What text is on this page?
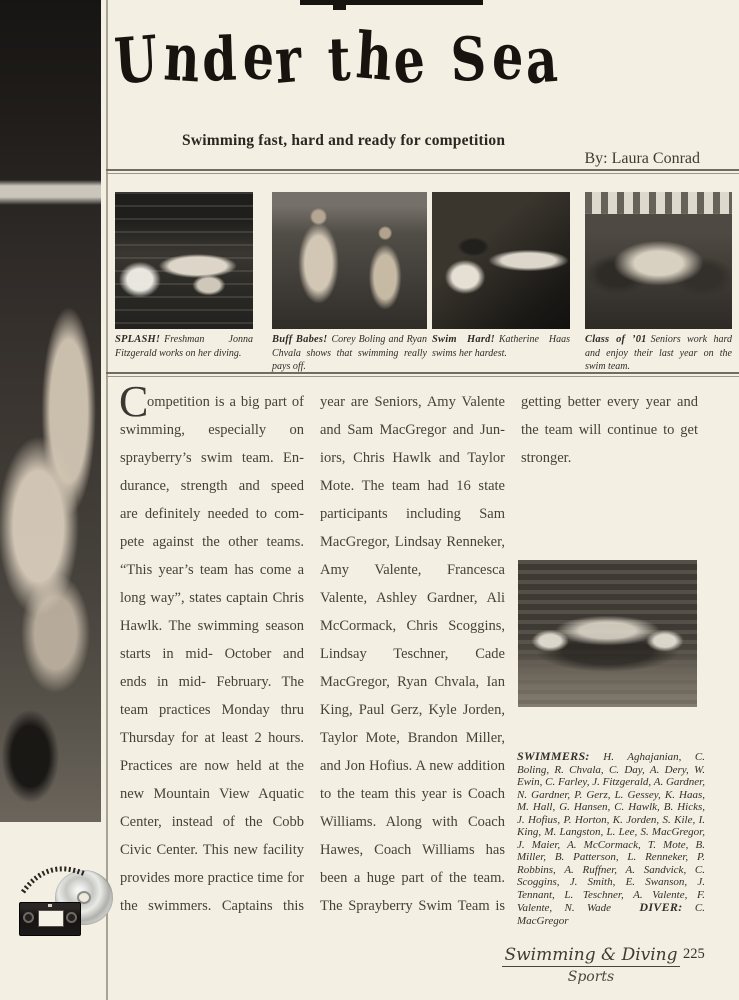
Under the Sea
Swimming fast, hard and ready for competition
By: Laura Conrad
SPLASH! Freshman Jonna Fitzgerald works on her diving.
Buff Babes! Corey Boling and Ryan Chvala shows that swimming really pays off.
Swim Hard! Katherine Haas swims her hardest.
Class of ’01 Seniors work hard and enjoy their last year on the swim team.
C
ompetition is a big part of
swimming, especially on
sprayberry’s swim team. En-
durance, strength and speed
are definitely needed to com-
pete against the other teams.
“This year’s team has come a
long way”, states captain Chris
Hawlk. The swimming season
starts in mid- October and
ends in mid- February. The
team practices Monday thru
Thursday for at least 2 hours.
Practices are now held at the
new Mountain View Aquatic
Center, instead of the Cobb
Civic Center. This new facility
provides more practice time for
the swimmers. Captains this
year are Seniors, Amy Valente
and Sam MacGregor and Jun-
iors, Chris Hawlk and Taylor
Mote. The team had 16 state
participants including Sam
MacGregor, Lindsay Renneker,
Amy Valente, Francesca
Valente, Ashley Gardner, Ali
McCormack, Chris Scoggins,
Lindsay Teschner, Cade
MacGregor, Ryan Chvala, Ian
King, Paul Gerz, Kyle Jorden,
Taylor Mote, Brandon Miller,
and Jon Hofius. A new addition
to the team this year is Coach
Williams. Along with Coach
Hawes, Coach Williams has
been a huge part of the team.
The Sprayberry Swim Team is
getting better every year and
the team will continue to get
stronger.
SWIMMERS: H. Aghajanian, C. Boling, R. Chvala, C. Day, A. Dery, W. Ewin, C. Farley, J. Fitzgerald, A. Gardner, N. Gardner, P. Gerz, L. Gessey, K. Haas, M. Hall, G. Hansen, C. Hawlk, B. Hicks, J. Hofius, P. Horton, K. Jorden, S. Kile, I. King, M. Langston, L. Lee, S. MacGregor, J. Maier, A. McCormack, T. Mote, B. Miller, B. Patterson, L. Renneker, P. Robbins, A. Ruffner, A. Sandvick, C. Scoggins, J. Smith, E. Swanson, J. Tennant, L. Teschner, A. Valente, F. Valente, N. Wade DIVER: C. MacGregor
Swimming & Diving
Sports
225
